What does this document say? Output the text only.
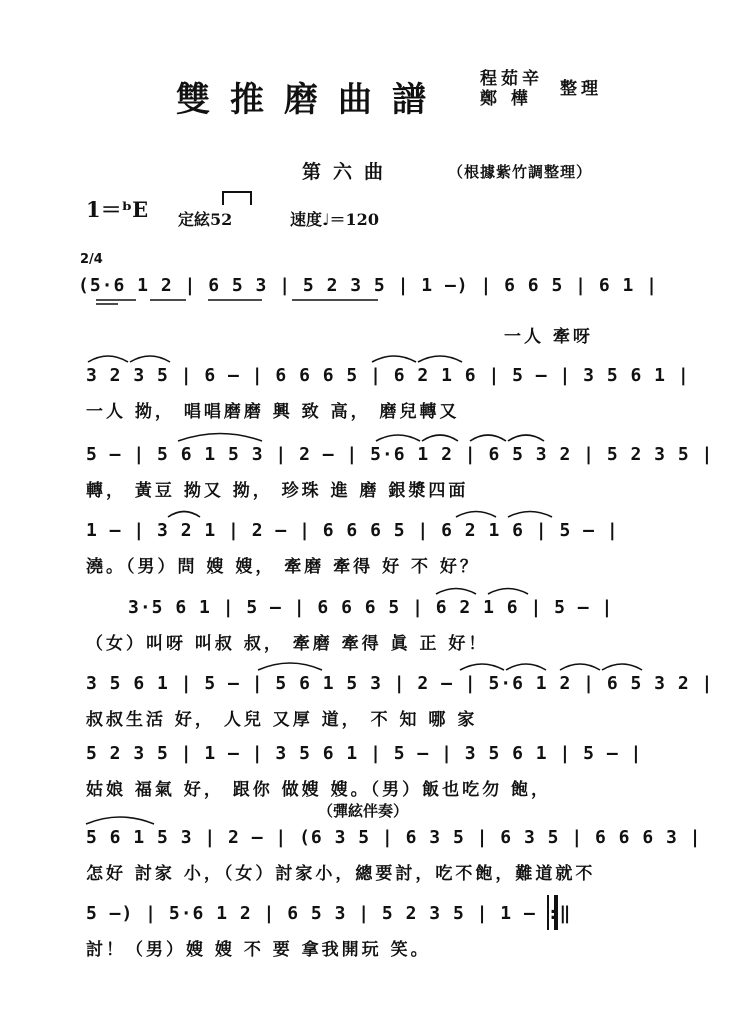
雙推磨曲譜
程茹辛
鄭 樺 整理
第六曲	（根據紫竹調整理）
1＝ᵇE 定絃52	速度♩＝120
2/4
(5·6 1 2 | 6 5 3 | 5 2 3 5 | 1 —) | 6 6 5 | 6 1 |
一人 牽呀
3 2 3 5 | 6 — | 6 6 6 5 | 6 2 1 6 | 5 — | 3 5 6 1 |
一人 拗， 唱唱磨磨 興 致 高， 磨兒轉又
5 — | 5 6 1 5 3 | 2 — | 5·6 1 2 | 6 5 3 2 | 5 2 3 5 |
轉， 黃豆 拗又 拗， 珍珠 進 磨 銀漿四面
1 — | 3 2 1 | 2 — | 6 6 6 5 | 6 2 1 6 | 5 — |
澆。（男）問 嫂 嫂， 牽磨 牽得 好 不 好？
3·5 6 1 | 5 — | 6 6 6 5 | 6 2 1 6 | 5 — |
（女）叫呀 叫叔 叔， 牽磨 牽得 眞 正 好！
3 5 6 1 | 5 — | 5 6 1 5 3 | 2 — | 5·6 1 2 | 6 5 3 2 |
叔叔生活 好， 人兒 又厚 道， 不 知 哪 家
5 2 3 5 | 1 — | 3 5 6 1 | 5 — | 3 5 6 1 | 5 — |
姑娘 福氣 好， 跟你 做嫂 嫂。（男）飯也吃勿 飽，
（彈絃伴奏）
5 6 1 5 3 | 2 — | (6 3 5 | 6 3 5 | 6 3 5 | 6 6 6 3 |
怎好 討家 小，（女）討家小，總要討，吃不飽，難道就不
5 —) | 5·6 1 2 | 6 5 3 | 5 2 3 5 | 1 — :‖
討！（男）嫂 嫂 不 要 拿我開玩 笑。
